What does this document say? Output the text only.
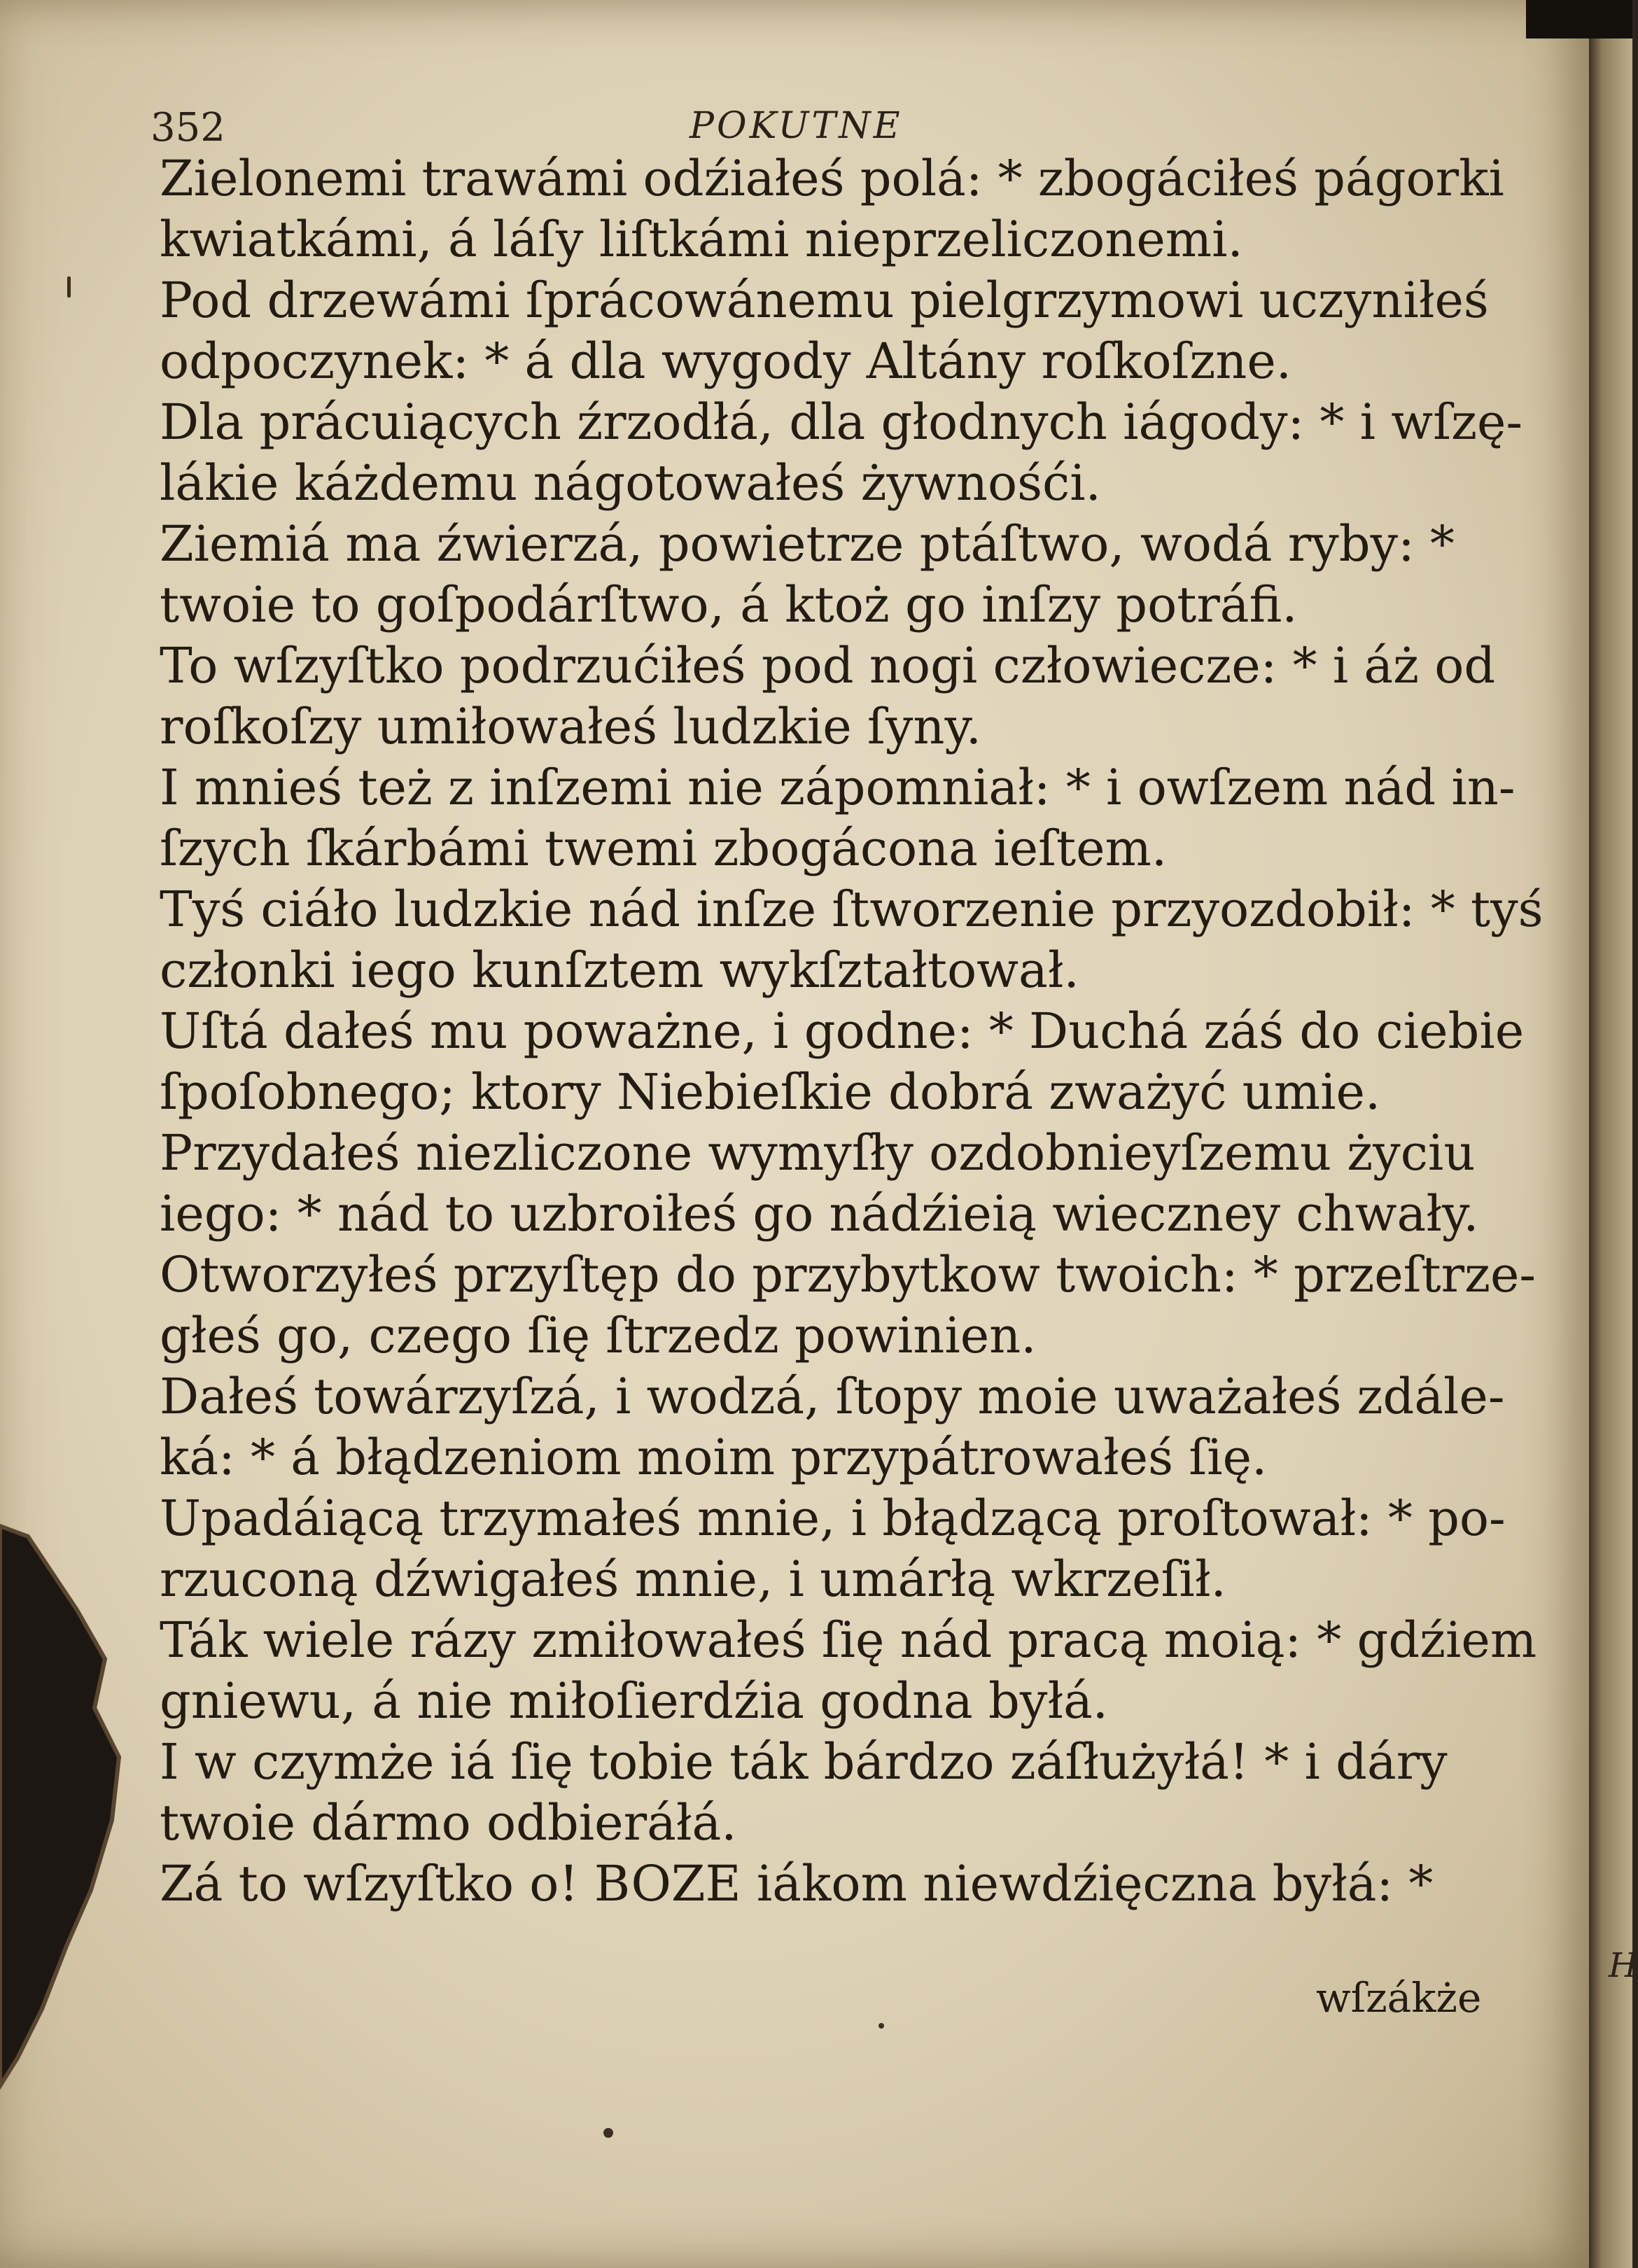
352	POKUTNE
Zielonemi trawámi odźiałeś polá: * zbogáciłeś págorki
kwiatkámi, á láſy liſtkámi nieprzeliczonemi.
Pod drzewámi ſprácowánemu pielgrzymowi uczyniłeś
odpoczynek: * á dla wygody Altány roſkoſzne.
Dla prácuiących źrzodłá, dla głodnych iágody: * i wſzę-
lákie káżdemu nágotowałeś żywnośći.
Ziemiá ma źwierzá, powietrze ptáſtwo, wodá ryby: *
twoie to goſpodárſtwo, á ktoż go inſzy potráfi.
To wſzyſtko podrzućiłeś pod nogi człowiecze: * i áż od
roſkoſzy umiłowałeś ludzkie ſyny.
I mnieś też z inſzemi nie zápomniał: * i owſzem nád in-
ſzych ſkárbámi twemi zbogácona ieſtem.
Tyś ciáło ludzkie nád inſze ſtworzenie przyozdobił: * tyś
członki iego kunſztem wykſztałtował.
Uſtá dałeś mu poważne, i godne: * Duchá záś do ciebie
ſpoſobnego; ktory Niebieſkie dobrá zważyć umie.
Przydałeś niezliczone wymyſły ozdobnieyſzemu życiu
iego: * nád to uzbroiłeś go nádźieią wieczney chwały.
Otworzyłeś przyſtęp do przybytkow twoich: * przeſtrze-
głeś go, czego ſię ſtrzedz powinien.
Dałeś towárzyſzá, i wodzá, ſtopy moie uważałeś zdále-
ká: * á błądzeniom moim przypátrowałeś ſię.
Upadáiącą trzymałeś mnie, i błądzącą proſtował: * po-
rzuconą dźwigałeś mnie, i umárłą wkrzeſił.
Ták wiele rázy zmiłowałeś ſię nád pracą moią: * gdźiem
gniewu, á nie miłoſierdźia godna byłá.
I w czymże iá ſię tobie ták bárdzo záſłużyłá! * i dáry
twoie dármo odbieráłá.
Zá to wſzyſtko o! BOZE iákom niewdźięczna byłá: *
wſzákże
H
